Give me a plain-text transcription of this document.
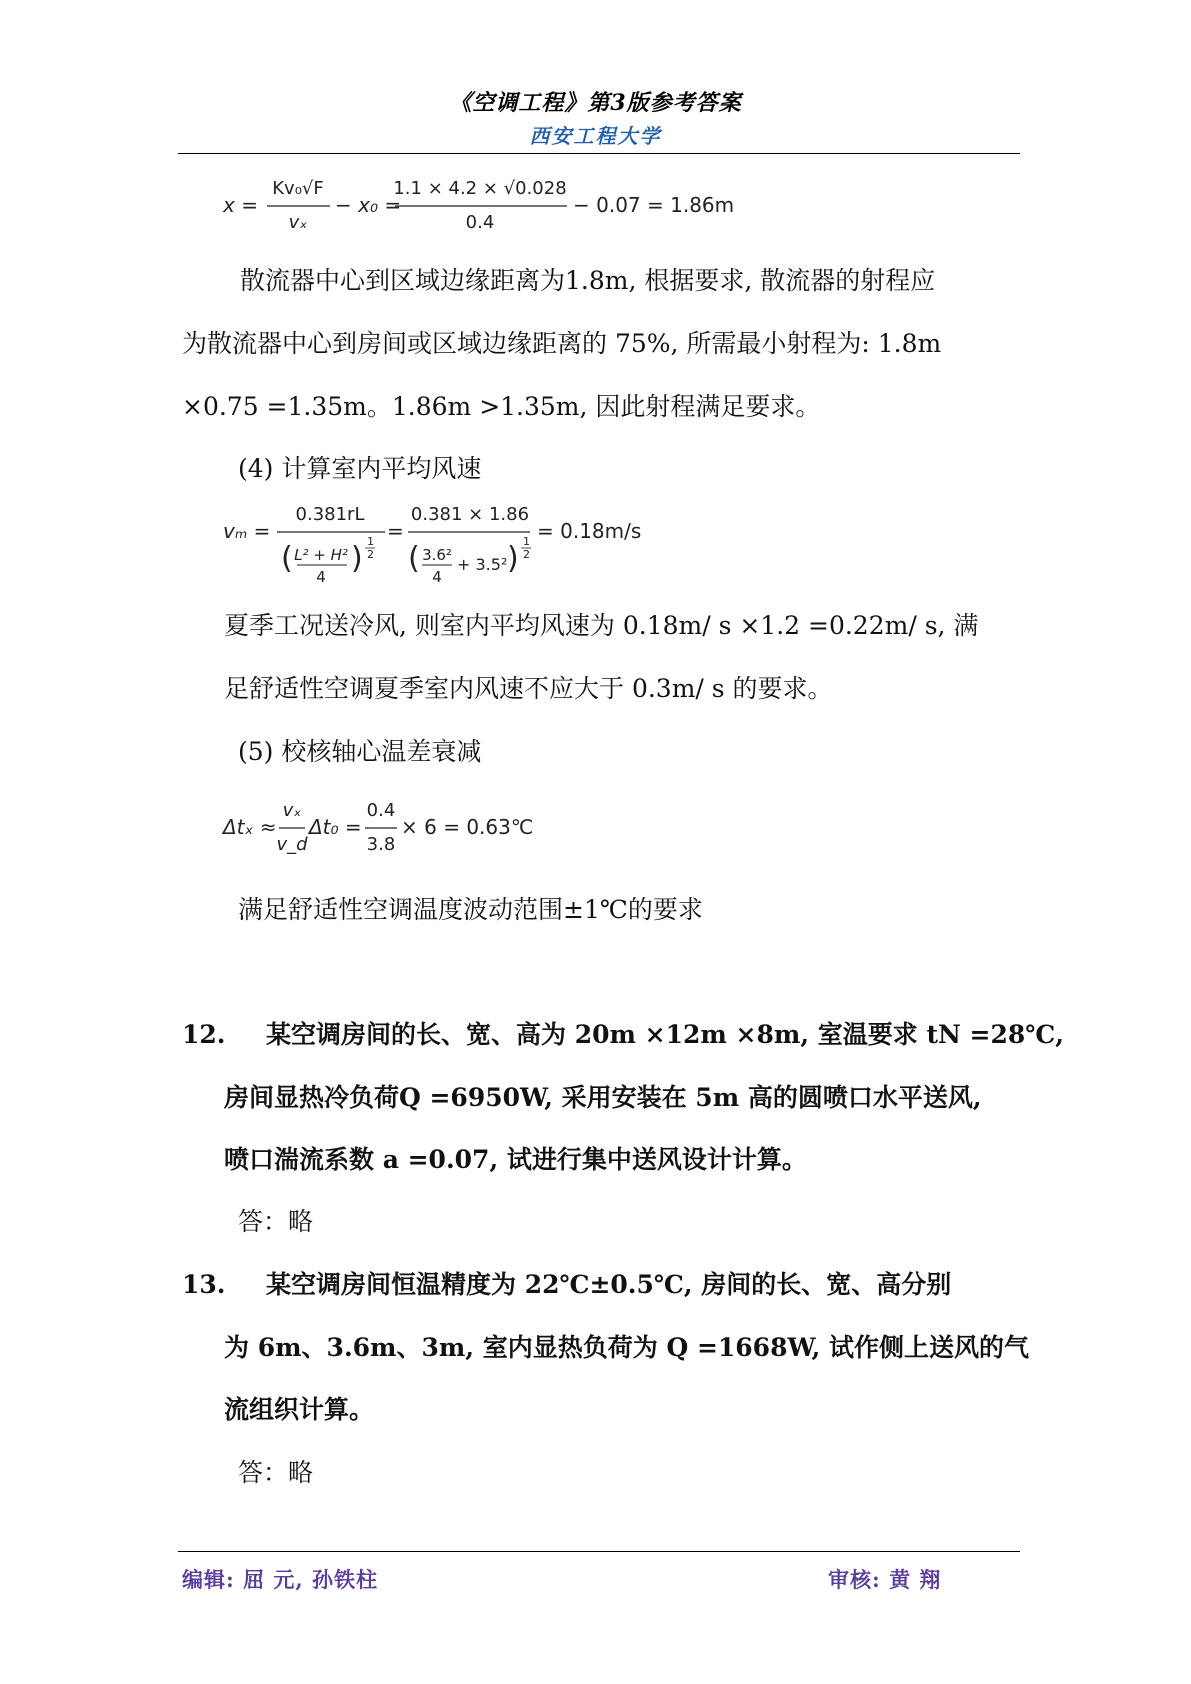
《空调工程》第3版参考答案
西安工程大学
x =
Kv₀√F
vₓ
− x₀ =
1.1 × 4.2 × √0.028
0.4
− 0.07 = 1.86m
散流器中心到区域边缘距离为1.8m, 根据要求, 散流器的射程应
为散流器中心到房间或区域边缘距离的 75%, 所需最小射程为: 1.8m
×0.75 =1.35m。1.86m >1.35m, 因此射程满足要求。
(4) 计算室内平均风速
vₘ =
0.381rL
( L² + H²
4
) 1
2
=
0.381 × 1.86
( 3.6²
4
+ 3.5² ) 1
2
= 0.18m/s
夏季工况送冷风, 则室内平均风速为 0.18m/ s ×1.2 =0.22m/ s, 满
足舒适性空调夏季室内风速不应大于 0.3m/ s 的要求。
(5) 校核轴心温差衰减
Δtₓ ≈
vₓ
v_d
Δt₀ =
0.4
3.8
× 6 = 0.63℃
满足舒适性空调温度波动范围±1℃的要求
12. 某空调房间的长、宽、高为 20m ×12m ×8m, 室温要求 tN =28℃,
房间显热冷负荷Q =6950W, 采用安装在 5m 高的圆喷口水平送风,
喷口湍流系数 a =0.07, 试进行集中送风设计计算。
答：略
13. 某空调房间恒温精度为 22℃±0.5℃, 房间的长、宽、高分别
为 6m、3.6m、3m, 室内显热负荷为 Q =1668W, 试作侧上送风的气
流组织计算。
答：略
编辑: 屈 元, 孙铁柱	审核: 黄 翔
